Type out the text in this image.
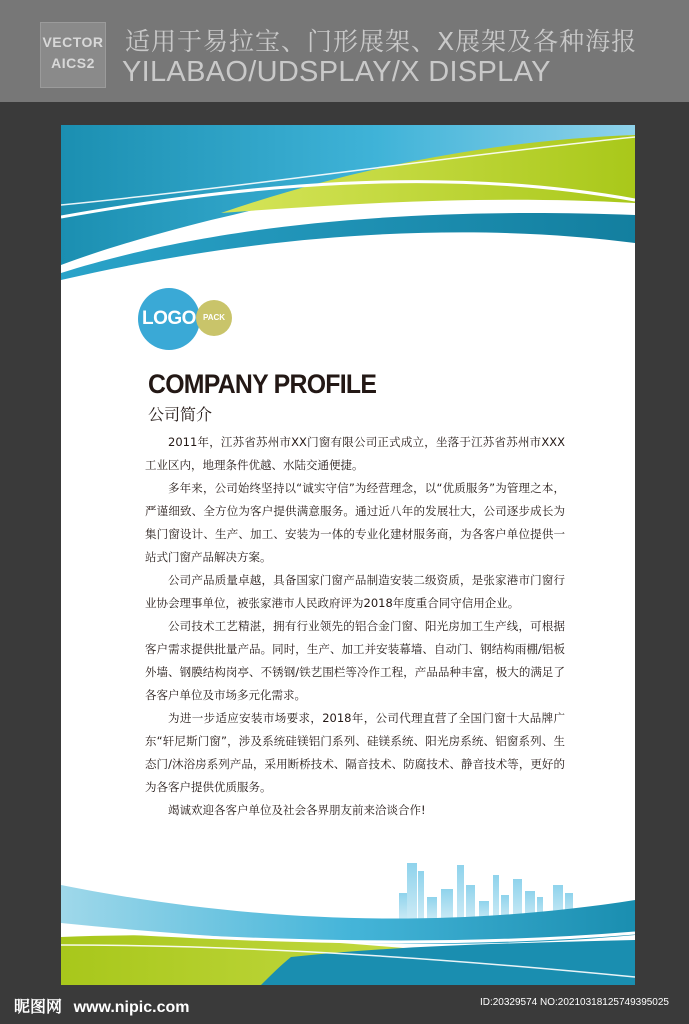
VECTOR
AICS2
适用于易拉宝、门形展架、X展架及各种海报
YILABAO/UDSPLAY/X DISPLAY
LOGO PACK
COMPANY PROFILE
公司简介

2011年，江苏省苏州市XX门窗有限公司正式成立，坐落于江苏省苏州市XXX工业区内，地理条件优越、水陆交通便捷。

多年来，公司始终坚持以“诚实守信”为经营理念，以“优质服务”为管理之本，严谨细致、全方位为客户提供满意服务。通过近八年的发展壮大，公司逐步成长为集门窗设计、生产、加工、安装为一体的专业化建材服务商，为各客户单位提供一站式门窗产品解决方案。

公司产品质量卓越，具备国家门窗产品制造安装二级资质，是张家港市门窗行业协会理事单位，被张家港市人民政府评为2018年度重合同守信用企业。

公司技术工艺精湛，拥有行业领先的铝合金门窗、阳光房加工生产线，可根据客户需求提供批量产品。同时，生产、加工并安装幕墙、自动门、钢结构雨棚/铝板外墙、钢膜结构岗亭、不锈钢/铁艺围栏等冷作工程，产品品种丰富，极大的满足了各客户单位及市场多元化需求。

为进一步适应安装市场要求，2018年，公司代理直营了全国门窗十大品牌广东“轩尼斯门窗”，涉及系统硅镁铝门系列、硅镁系统、阳光房系统、铝窗系列、生态门/沐浴房系列产品，采用断桥技术、隔音技术、防腐技术、静音技术等，更好的为各客户提供优质服务。

竭诚欢迎各客户单位及社会各界朋友前来洽谈合作!

昵图网 www.nipic.com	ID:20329574 NO:20210318125749395025
